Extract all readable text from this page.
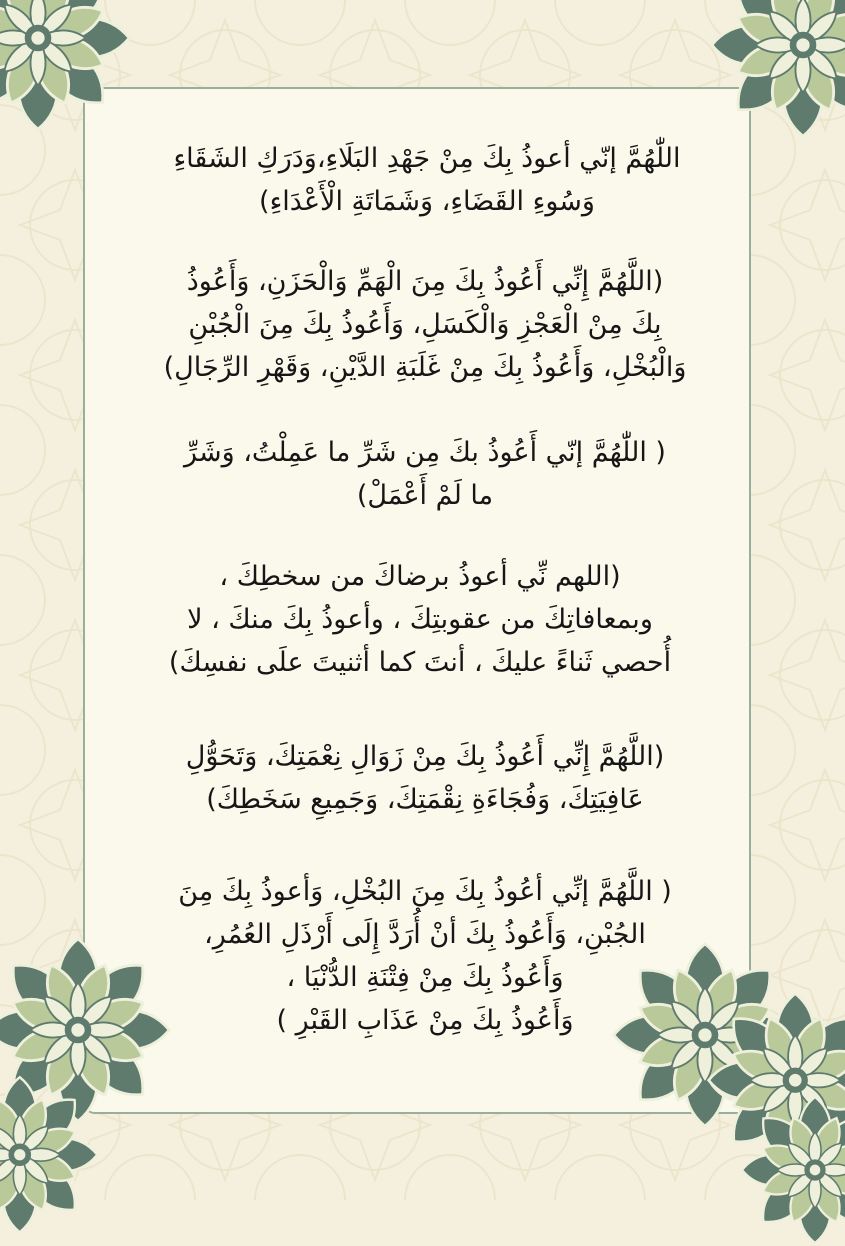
اللّٰهُمَّ إنّي أعوذُ بِكَ مِنْ جَهْدِ البَلَاءِ،وَدَرَكِ الشَقَاءِ
وَسُوءِ القَضَاءِ، وَشَمَاتَةِ الْأَعْدَاءِ)
(اللَّهُمَّ إِنِّي أَعُوذُ بِكَ مِنَ الْهَمِّ وَالْحَزَنِ، وَأَعُوذُ
بِكَ مِنْ الْعَجْزِ وَالْكَسَلِ، وَأَعُوذُ بِكَ مِنَ الْجُبْنِ
وَالْبُخْلِ، وَأَعُوذُ بِكَ مِنْ غَلَبَةِ الدَّيْنِ، وَقَهْرِ الرِّجَالِ)
( اللّٰهُمَّ إنّي أَعُوذُ بكَ مِن شَرِّ ما عَمِلْتُ، وَشَرِّ
ما لَمْ أَعْمَلْ)
(اللهم نِّي أعوذُ برضاكَ من سخطِكَ ،
وبمعافاتِكَ من عقوبتِكَ ، وأعوذُ بِكَ منكَ ، لا
أُحصي ثَناءً عليكَ ، أنتَ كما أثنيتَ علَى نفسِكَ)
(اللَّهُمَّ إِنِّي أَعُوذُ بِكَ مِنْ زَوَالِ نِعْمَتِكَ، وَتَحَوُّلِ
عَافِيَتِكَ، وَفُجَاءَةِ نِقْمَتِكَ، وَجَمِيعِ سَخَطِكَ)
( اللَّهُمَّ إنِّي أعُوذُ بِكَ مِنَ البُخْلِ، وَأعوذُ بِكَ مِنَ
الجُبْنِ، وَأَعُوذُ بِكَ أنْ أُرَدَّ إِلَى أَرْذَلِ العُمُرِ،
وَأَعُوذُ بِكَ مِنْ فِتْنَةِ الدُّنْيَا ،
وَأَعُوذُ بِكَ مِنْ عَذَابِ القَبْرِ )
